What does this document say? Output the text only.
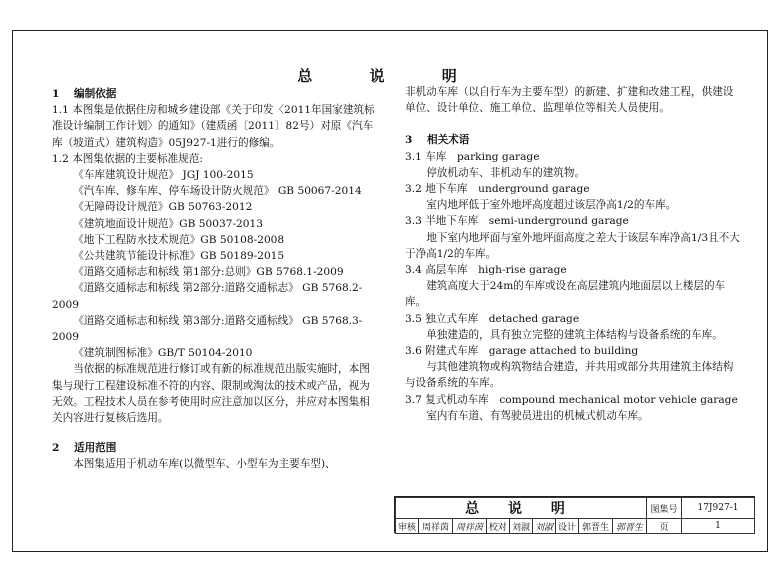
总 说 明
1 编制依据

1.1 本图集是依据住房和城乡建设部《关于印发〈2011年国家建筑标准设计编制工作计划〉的通知》（建质函〔2011〕82号）对原《汽车库（坡道式）建筑构造》05J927-1进行的修编。

1.2 本图集依据的主要标准规范:

《车库建筑设计规范》 JGJ 100-2015

《汽车库、修车库、停车场设计防火规范》 GB 50067-2014

《无障碍设计规范》GB 50763-2012

《建筑地面设计规范》GB 50037-2013

《地下工程防水技术规范》GB 50108-2008

《公共建筑节能设计标准》GB 50189-2015

《道路交通标志和标线 第1部分:总则》GB 5768.1-2009

《道路交通标志和标线 第2部分:道路交通标志》 GB 5768.2-2009

《道路交通标志和标线 第3部分:道路交通标线》 GB 5768.3-2009

《建筑制图标准》GB/T 50104-2010

当依据的标准规范进行修订或有新的标准规范出版实施时，本图集与现行工程建设标准不符的内容、限制或淘汰的技术或产品，视为无效。工程技术人员在参考使用时应注意加以区分，并应对本图集相关内容进行复核后选用。

2 适用范围

本图集适用于机动车库(以微型车、小型车为主要车型)、

非机动车库（以自行车为主要车型）的新建、扩建和改建工程，供建设单位、设计单位、施工单位、监理单位等相关人员使用。

3 相关术语

3.1 车库　parking garage

停放机动车、非机动车的建筑物。

3.2 地下车库　underground garage

室内地坪低于室外地坪高度超过该层净高1/2的车库。

3.3 半地下车库　semi-underground garage

地下室内地坪面与室外地坪面高度之差大于该层车库净高1/3且不大于净高1/2的车库。

3.4 高层车库　high-rise garage

建筑高度大于24m的车库或设在高层建筑内地面层以上楼层的车库。

3.5 独立式车库　detached garage

单独建造的，具有独立完整的建筑主体结构与设备系统的车库。

3.6 附建式车库　garage attached to building

与其他建筑物或构筑物结合建造，并共用或部分共用建筑主体结构与设备系统的车库。

3.7 复式机动车库　compound mechanical motor vehicle garage

室内有车道、有驾驶员进出的机械式机动车库。

总 说 明									图集号	17J927-1
审核	周祥茵	周祥茵	校对	刘淑	刘淑	设计	郭晋生	郭晋生	页	1
